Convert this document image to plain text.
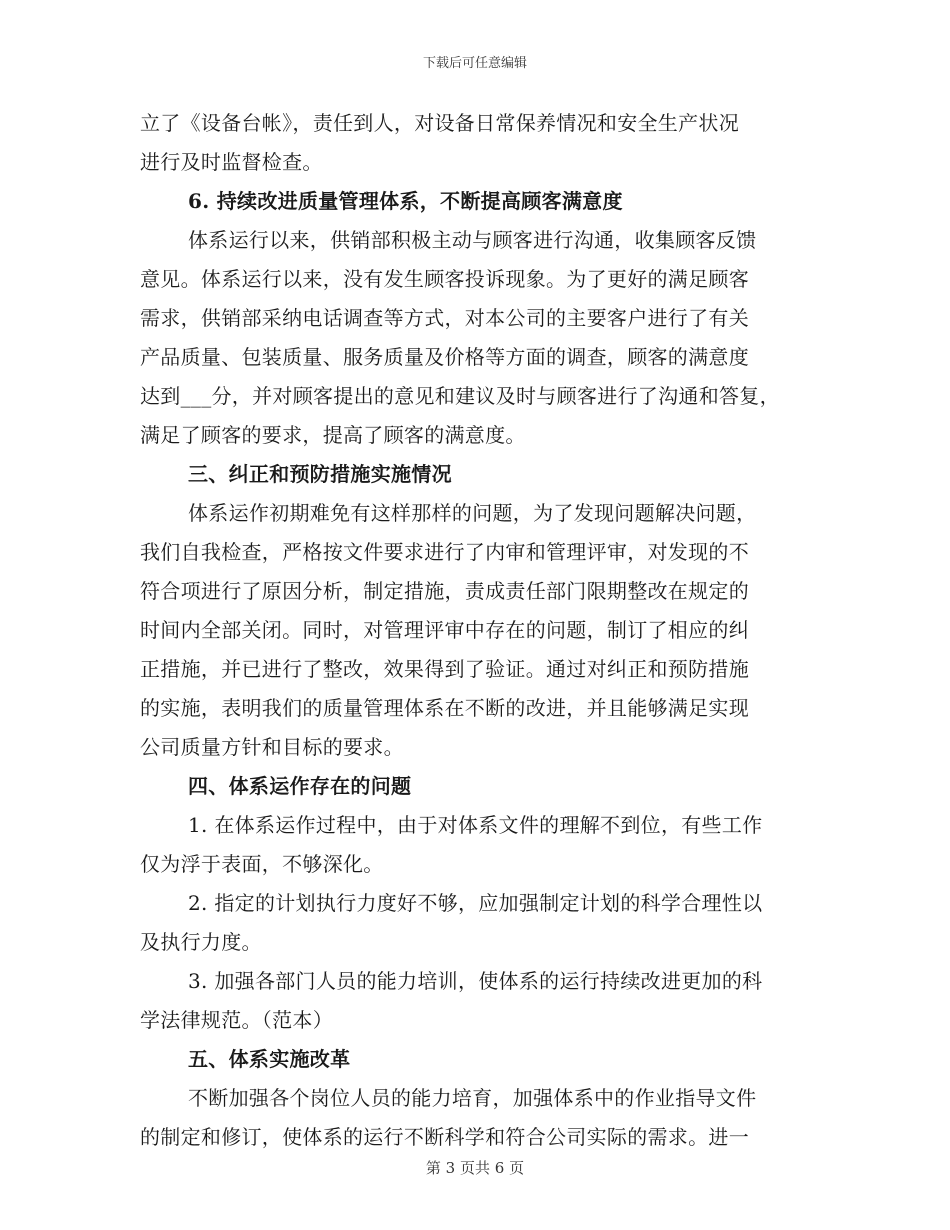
下载后可任意编辑
立了《设备台帐》，责任到人，对设备日常保养情况和安全生产状况
进行及时监督检查。
6. 持续改进质量管理体系，不断提高顾客满意度
体系运行以来，供销部积极主动与顾客进行沟通，收集顾客反馈
意见。体系运行以来，没有发生顾客投诉现象。为了更好的满足顾客
需求，供销部采纳电话调查等方式，对本公司的主要客户进行了有关
产品质量、包装质量、服务质量及价格等方面的调查，顾客的满意度
达到___分，并对顾客提出的意见和建议及时与顾客进行了沟通和答复，
满足了顾客的要求，提高了顾客的满意度。
三、纠正和预防措施实施情况
体系运作初期难免有这样那样的问题，为了发现问题解决问题，
我们自我检查，严格按文件要求进行了内审和管理评审，对发现的不
符合项进行了原因分析，制定措施，责成责任部门限期整改在规定的
时间内全部关闭。同时，对管理评审中存在的问题，制订了相应的纠
正措施，并已进行了整改，效果得到了验证。通过对纠正和预防措施
的实施，表明我们的质量管理体系在不断的改进，并且能够满足实现
公司质量方针和目标的要求。
四、体系运作存在的问题
1. 在体系运作过程中，由于对体系文件的理解不到位，有些工作
仅为浮于表面，不够深化。
2. 指定的计划执行力度好不够，应加强制定计划的科学合理性以
及执行力度。
3. 加强各部门人员的能力培训，使体系的运行持续改进更加的科
学法律规范。（范本）
五、体系实施改革
不断加强各个岗位人员的能力培育，加强体系中的作业指导文件
的制定和修订，使体系的运行不断科学和符合公司实际的需求。进一
第 3 页共 6 页
